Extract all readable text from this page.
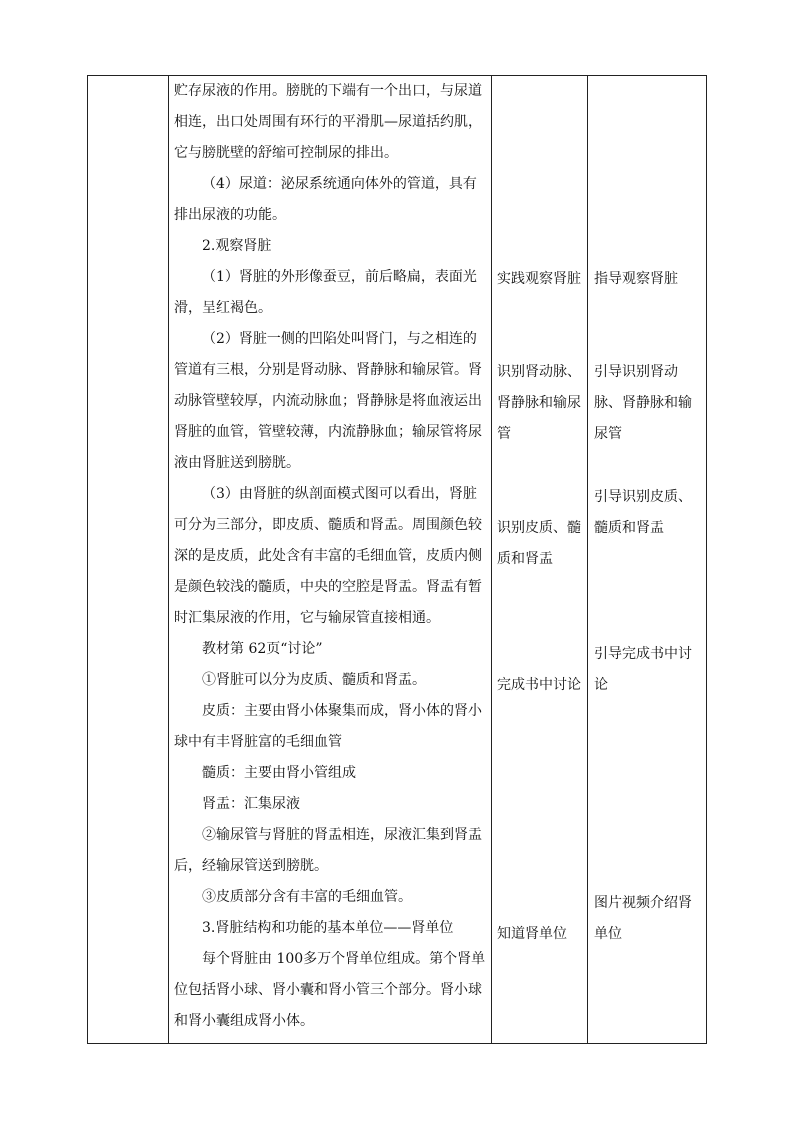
贮存尿液的作用。膀胱的下端有一个出口，与尿道相连，出口处周围有环行的平滑肌—尿道括约肌，它与膀胱壁的舒缩可控制尿的排出。

（4）尿道：泌尿系统通向体外的管道，具有排出尿液的功能。

2.观察肾脏

（1）肾脏的外形像蚕豆，前后略扁，表面光滑，呈红褐色。

（2）肾脏一侧的凹陷处叫肾门，与之相连的管道有三根，分别是肾动脉、肾静脉和输尿管。肾动脉管壁较厚，内流动脉血；肾静脉是将血液运出肾脏的血管，管壁较薄，内流静脉血；输尿管将尿液由肾脏送到膀胱。

（3）由肾脏的纵剖面模式图可以看出，肾脏可分为三部分，即皮质、髓质和肾盂。周围颜色较深的是皮质，此处含有丰富的毛细血管，皮质内侧是颜色较浅的髓质，中央的空腔是肾盂。肾盂有暂时汇集尿液的作用，它与输尿管直接相通。

教材第 62页“讨论”

①肾脏可以分为皮质、髓质和肾盂。

皮质：主要由肾小体聚集而成，肾小体的肾小球中有丰肾脏富的毛细血管

髓质：主要由肾小管组成

肾盂：汇集尿液

②输尿管与肾脏的肾盂相连，尿液汇集到肾盂后，经输尿管送到膀胱。

③皮质部分含有丰富的毛细血管。

3.肾脏结构和功能的基本单位——肾单位

每个肾脏由 100多万个肾单位组成。第个肾单位包括肾小球、肾小囊和肾小管三个部分。肾小球和肾小囊组成肾小体。

实践观察肾脏

识别肾动脉、肾静脉和输尿管

识别皮质、髓质和肾盂

完成书中讨论

知道肾单位

指导观察肾脏

引导识别肾动脉、肾静脉和输尿管

引导识别皮质、髓质和肾盂

引导完成书中讨论

图片视频介绍肾单位
